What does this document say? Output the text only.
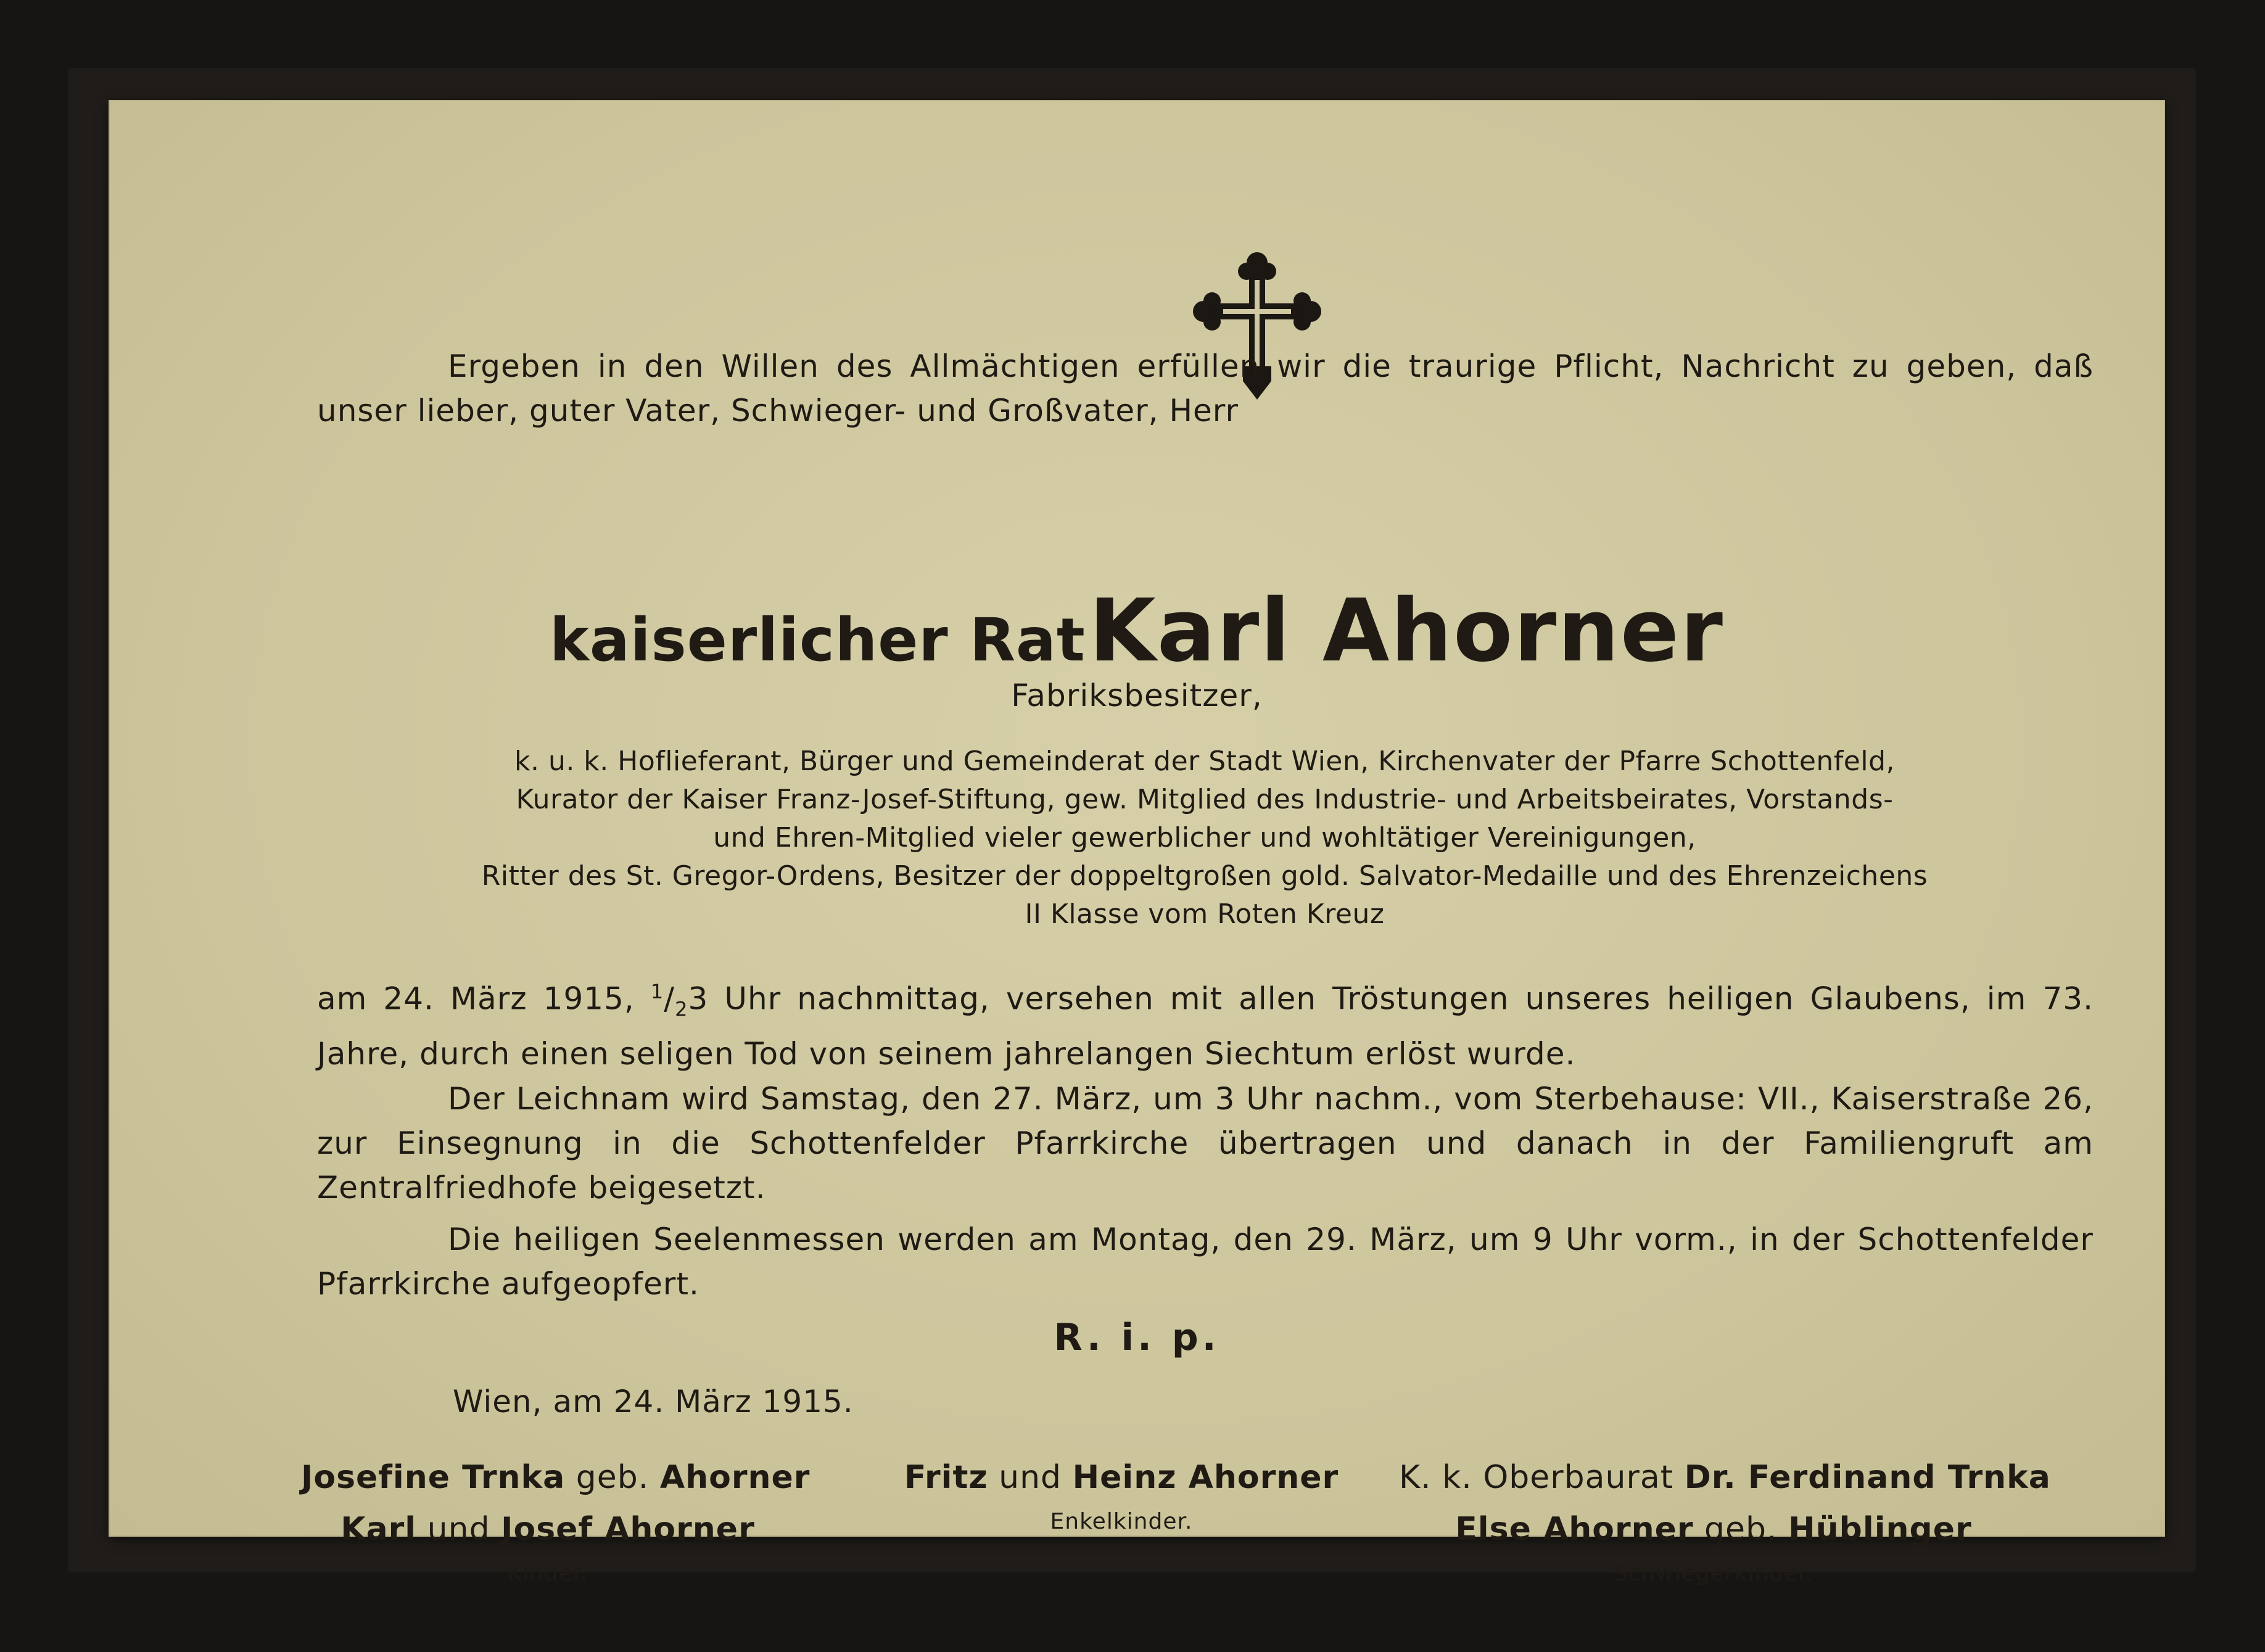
Ergeben in den Willen des Allmächtigen erfüllen wir die traurige Pflicht, Nachricht zu geben, daß unser lieber, guter Vater, Schwieger- und Großvater, Herr

kaiserlicher Rat Karl Ahorner

Fabriksbesitzer,

k. u. k. Hoflieferant, Bürger und Gemeinderat der Stadt Wien, Kirchenvater der Pfarre Schottenfeld,
Kurator der Kaiser Franz-Josef-Stiftung, gew. Mitglied des Industrie- und Arbeitsbeirates, Vorstands-
und Ehren-Mitglied vieler gewerblicher und wohltätiger Vereinigungen,
Ritter des St. Gregor-Ordens, Besitzer der doppeltgroßen gold. Salvator-Medaille und des Ehrenzeichens
II Klasse vom Roten Kreuz

am 24. März 1915, $^1/_23$ Uhr nachmittag, versehen mit allen Tröstungen unseres heiligen Glaubens, im 73. Jahre, durch einen seligen Tod von seinem jahrelangen Siechtum erlöst wurde.

Der Leichnam wird Samstag, den 27. März, um 3 Uhr nachm., vom Sterbehause: VII., Kaiserstraße 26, zur Einsegnung in die Schottenfelder Pfarrkirche übertragen und danach in der Familiengruft am Zentralfriedhofe beigesetzt.

Die heiligen Seelenmessen werden am Montag, den 29. März, um 9 Uhr vorm., in der Schottenfelder Pfarrkirche aufgeopfert.

R. i. p.

Wien, am 24. März 1915.

Josefine Trnka geb. Ahorner
Karl und Josef Ahorner
Kinder.
Fritz und Heinz Ahorner
Enkelkinder.
K. k. Oberbaurat Dr. Ferdinand Trnka
Else Ahorner geb. Hüblinger
Schwiegerkinder.
